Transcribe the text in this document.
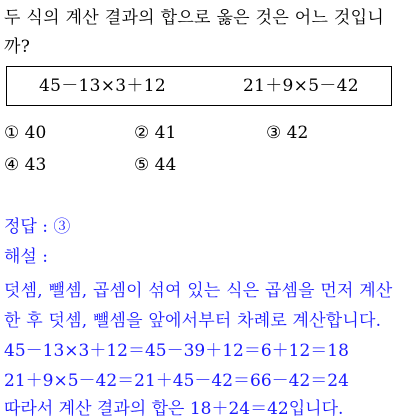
두 식의 계산 결과의 합으로 옳은 것은 어느 것입니까?
45－13×3＋12	21＋9×5－42
① 40	② 41	③ 42
④ 43	⑤ 44
정답 : ③
해설 :
덧셈, 뺄셈, 곱셈이 섞여 있는 식은 곱셈을 먼저 계산
한 후 덧셈, 뺄셈을 앞에서부터 차례로 계산합니다.
45－13×3＋12＝45－39＋12＝6＋12＝18
21＋9×5－42＝21＋45－42＝66－42＝24
따라서 계산 결과의 합은 18＋24＝42입니다.
